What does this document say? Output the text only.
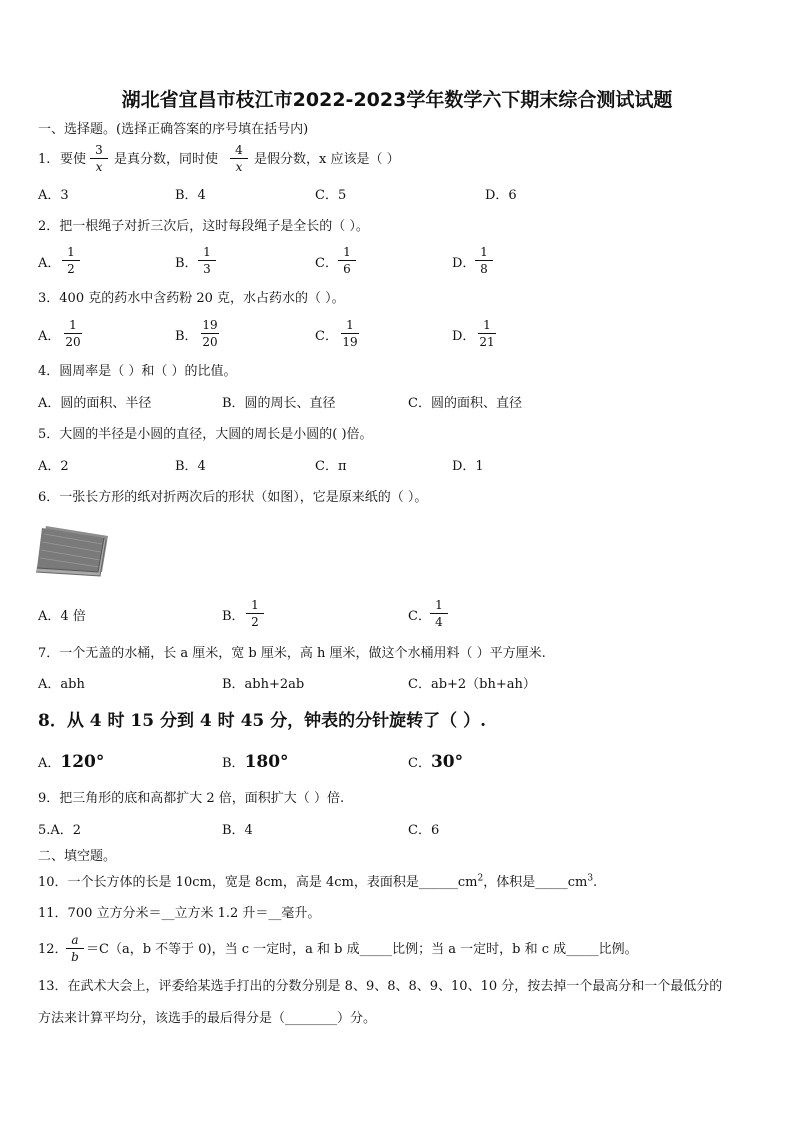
湖北省宜昌市枝江市2022-2023学年数学六下期末综合测试试题
一、选择题。(选择正确答案的序号填在括号内)
1. 要使
3
x 是真分数，同时使
4
x 是假分数，x 应该是（ ）
A．3	B．4	C．5	D．6
2．把一根绳子对折三次后，这时每段绳子是全长的（ ）。
A．
1
2	B．
1
3	C．
1
6	D．
1
8
3．400 克的药水中含药粉 20 克，水占药水的（ ）。
A．
1
20	B．
19
20	C．
1
19	D．
1
21
4．圆周率是（ ）和（ ）的比值。
A．圆的面积、半径	B．圆的周长、直径	C．圆的面积、直径
5．大圆的半径是小圆的直径，大圆的周长是小圆的( )倍。
A．2	B．4	C．π	D．1
6．一张长方形的纸对折两次后的形状（如图），它是原来纸的（ ）。
A．4 倍	B．
1
2	C．
1
4
7．一个无盖的水桶，长 a 厘米，宽 b 厘米，高 h 厘米，做这个水桶用料（ ）平方厘米.
A．abh	B．abh+2ab	C．ab+2（bh+ah）
8．从 4 时 15 分到 4 时 45 分，钟表的分针旋转了（ ）.
A．120°	B．180°	C．30°
9．把三角形的底和高都扩大 2 倍，面积扩大（ ）倍.
5.A．2	B．4	C．6
二、填空题。
10．一个长方体的长是 10cm，宽是 8cm，高是 4cm，表面积是$\_\_\_\_\_\_cm^2$，体积是$\_\_\_\_\_cm^3$.
11．700 立方分米＝__立方米 1.2 升＝__毫升。
12．
a
b ＝C（a，b 不等于 0)，当 c 一定时，a 和 b 成_____比例；当 a 一定时，b 和 c 成_____比例。
13．在武术大会上，评委给某选手打出的分数分别是 8、9、8、8、9、10、10 分，按去掉一个最高分和一个最低分的
方法来计算平均分，该选手的最后得分是（________）分。
